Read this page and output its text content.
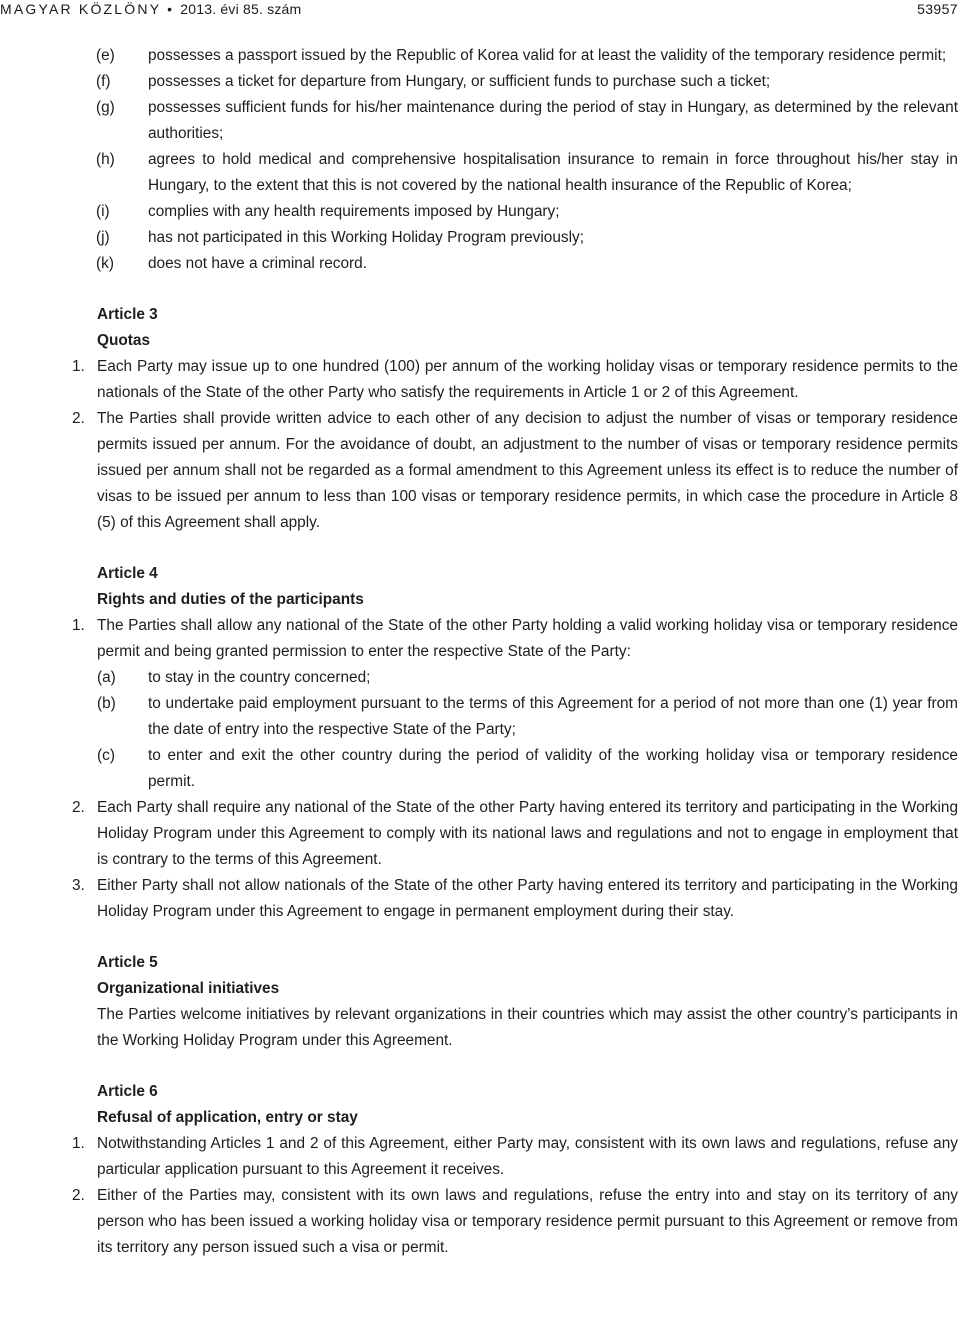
MAGYAR KÖZLÖNY • 2013. évi 85. szám	53957
(e) possesses a passport issued by the Republic of Korea valid for at least the validity of the temporary residence permit;
(f) possesses a ticket for departure from Hungary, or sufficient funds to purchase such a ticket;
(g) possesses sufficient funds for his/her maintenance during the period of stay in Hungary, as determined by the relevant authorities;
(h) agrees to hold medical and comprehensive hospitalisation insurance to remain in force throughout his/her stay in Hungary, to the extent that this is not covered by the national health insurance of the Republic of Korea;
(i) complies with any health requirements imposed by Hungary;
(j) has not participated in this Working Holiday Program previously;
(k) does not have a criminal record.
Article 3
Quotas
1. Each Party may issue up to one hundred (100) per annum of the working holiday visas or temporary residence permits to the nationals of the State of the other Party who satisfy the requirements in Article 1 or 2 of this Agreement.
2. The Parties shall provide written advice to each other of any decision to adjust the number of visas or temporary residence permits issued per annum. For the avoidance of doubt, an adjustment to the number of visas or temporary residence permits issued per annum shall not be regarded as a formal amendment to this Agreement unless its effect is to reduce the number of visas to be issued per annum to less than 100 visas or temporary residence permits, in which case the procedure in Article 8 (5) of this Agreement shall apply.
Article 4
Rights and duties of the participants
1. The Parties shall allow any national of the State of the other Party holding a valid working holiday visa or temporary residence permit and being granted permission to enter the respective State of the Party:
(a) to stay in the country concerned;
(b) to undertake paid employment pursuant to the terms of this Agreement for a period of not more than one (1) year from the date of entry into the respective State of the Party;
(c) to enter and exit the other country during the period of validity of the working holiday visa or temporary residence permit.
2. Each Party shall require any national of the State of the other Party having entered its territory and participating in the Working Holiday Program under this Agreement to comply with its national laws and regulations and not to engage in employment that is contrary to the terms of this Agreement.
3. Either Party shall not allow nationals of the State of the other Party having entered its territory and participating in the Working Holiday Program under this Agreement to engage in permanent employment during their stay.
Article 5
Organizational initiatives
The Parties welcome initiatives by relevant organizations in their countries which may assist the other country’s participants in the Working Holiday Program under this Agreement.
Article 6
Refusal of application, entry or stay
1. Notwithstanding Articles 1 and 2 of this Agreement, either Party may, consistent with its own laws and regulations, refuse any particular application pursuant to this Agreement it receives.
2. Either of the Parties may, consistent with its own laws and regulations, refuse the entry into and stay on its territory of any person who has been issued a working holiday visa or temporary residence permit pursuant to this Agreement or remove from its territory any person issued such a visa or permit.
